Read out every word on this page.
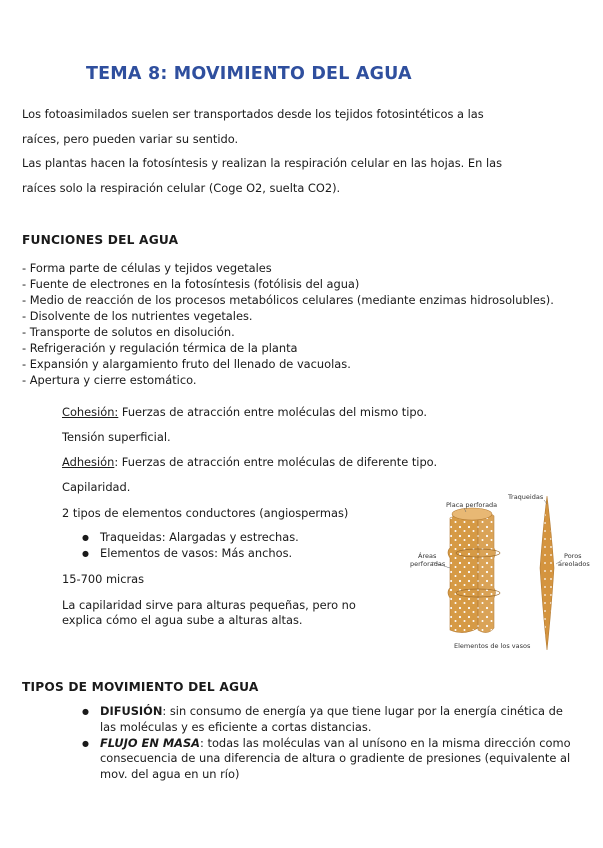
TEMA 8: MOVIMIENTO DEL AGUA
Los fotoasimilados suelen ser transportados desde los tejidos fotosintéticos a las
raíces, pero pueden variar su sentido.
Las plantas hacen la fotosíntesis y realizan la respiración celular en las hojas. En las
raíces solo la respiración celular (Coge O2, suelta CO2).
FUNCIONES DEL AGUA
- Forma parte de células y tejidos vegetales
- Fuente de electrones en la fotosíntesis (fotólisis del agua)
- Medio de reacción de los procesos metabólicos celulares (mediante enzimas hidrosolubles).
- Disolvente de los nutrientes vegetales.
- Transporte de solutos en disolución.
- Refrigeración y regulación térmica de la planta
- Expansión y alargamiento fruto del llenado de vacuolas.
- Apertura y cierre estomático.
Cohesión: Fuerzas de atracción entre moléculas del mismo tipo.
Tensión superficial.
Adhesión: Fuerzas de atracción entre moléculas de diferente tipo.
Capilaridad.
2 tipos de elementos conductores (angiospermas)
● Traqueidas: Alargadas y estrechas.
● Elementos de vasos: Más anchos.
15-700 micras
La capilaridad sirve para alturas pequeñas, pero no
explica cómo el agua sube a alturas altas.
Placa perforada
Traqueidas
Áreas
perforadas
Poros
areolados
Elementos de los vasos
TIPOS DE MOVIMIENTO DEL AGUA
● DIFUSIÓN: sin consumo de energía ya que tiene lugar por la energía cinética de las moléculas y es eficiente a cortas distancias.
● FLUJO EN MASA: todas las moléculas van al unísono en la misma dirección como consecuencia de una diferencia de altura o gradiente de presiones (equivalente al mov. del agua en un río)
